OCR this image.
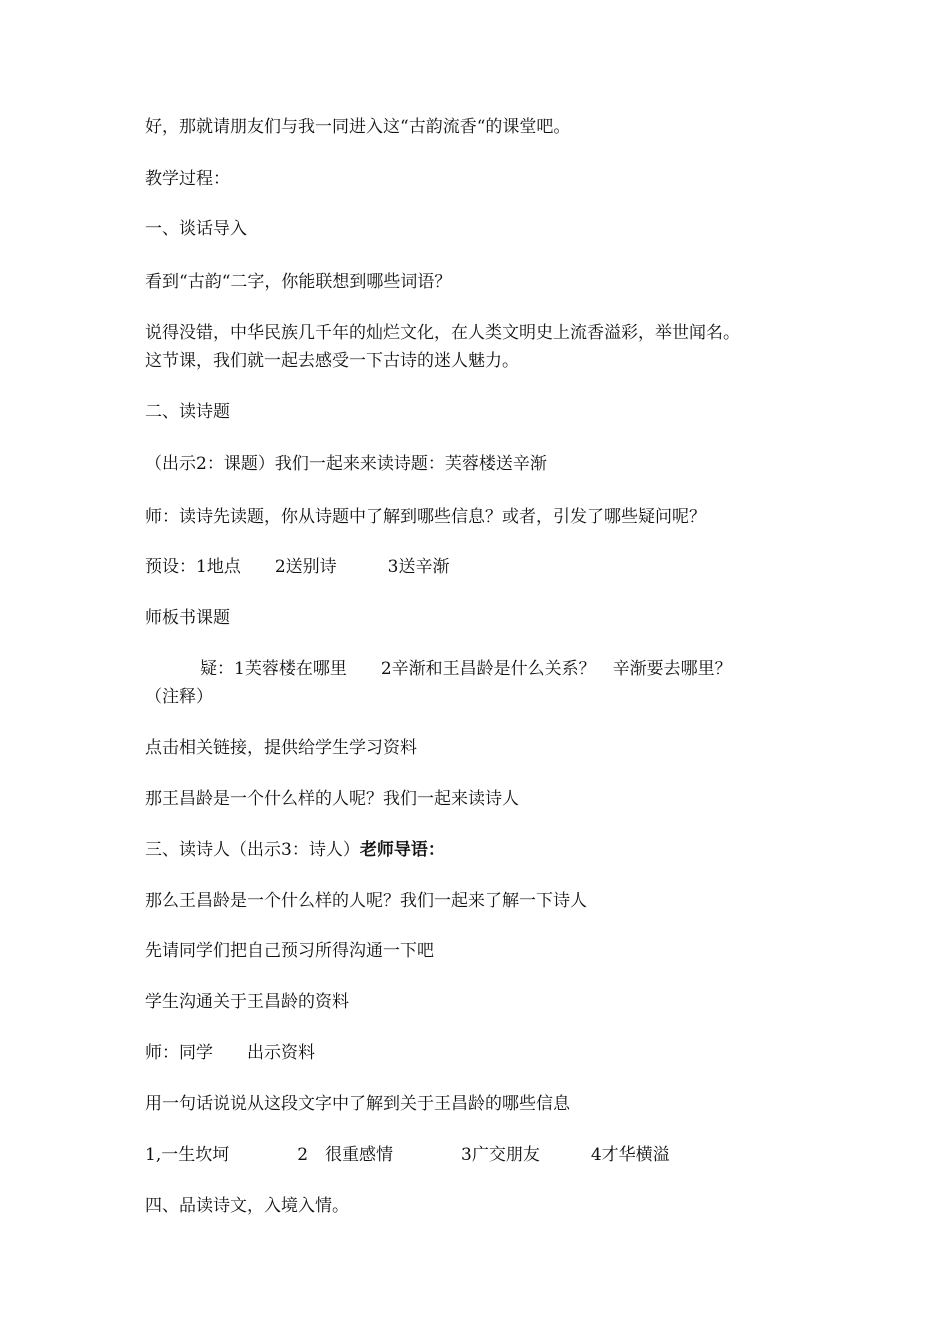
好，那就请朋友们与我一同进入这“古韵流香“的课堂吧。

教学过程：

一、谈话导入

看到“古韵“二字，你能联想到哪些词语？

说得没错，中华民族几千年的灿烂文化，在人类文明史上流香溢彩，举世闻名。

这节课，我们就一起去感受一下古诗的迷人魅力。

二、读诗题

（出示2：课题）我们一起来来读诗题：芙蓉楼送辛渐

师：读诗先读题，你从诗题中了解到哪些信息？或者，引发了哪些疑问呢？

预设：1地点　　2送别诗　　　3送辛渐

师板书课题

疑：1芙蓉楼在哪里　　2辛渐和王昌龄是什么关系？　辛渐要去哪里？

（注释）

点击相关链接，提供给学生学习资料

那王昌龄是一个什么样的人呢？我们一起来读诗人

三、读诗人（出示3：诗人）老师导语：

那么王昌龄是一个什么样的人呢？我们一起来了解一下诗人

先请同学们把自己预习所得沟通一下吧

学生沟通关于王昌龄的资料

师：同学　　出示资料

用一句话说说从这段文字中了解到关于王昌龄的哪些信息

1,一生坎坷　　　　2　很重感情　　　　3广交朋友　　　4才华横溢

四、品读诗文，入境入情。
